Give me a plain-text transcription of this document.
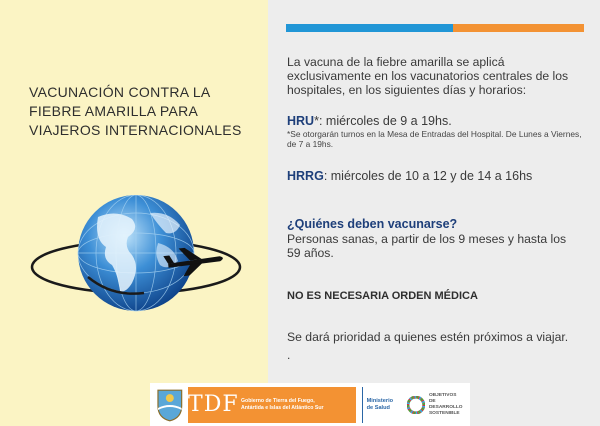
VACUNACIÓN CONTRA LA FIEBRE AMARILLA PARA VIAJEROS INTERNACIONALES
La vacuna de la fiebre amarilla se aplicá exclusivamente en los vacunatorios centrales de los hospitales, en los siguientes días y horarios:
HRU*: miércoles de 9 a 19hs.
*Se otorgarán turnos en la Mesa de Entradas del Hospital. De Lunes a Viernes, de 7 a 19hs.
HRRG: miércoles de 10 a 12 y de 14 a 16hs
¿Quiénes deben vacunarse?
Personas sanas, a partir de los 9 meses y hasta los 59 años.
NO ES NECESARIA ORDEN MÉDICA
Se dará prioridad a quienes estén próximos a viajar.
.
TDF Gobierno de Tierra del Fuego,
Antártida e Islas del Atlántico Sur
Ministerio
de Salud
OBJETIVOS
DE DESARROLLO
SOSTENIBLE
